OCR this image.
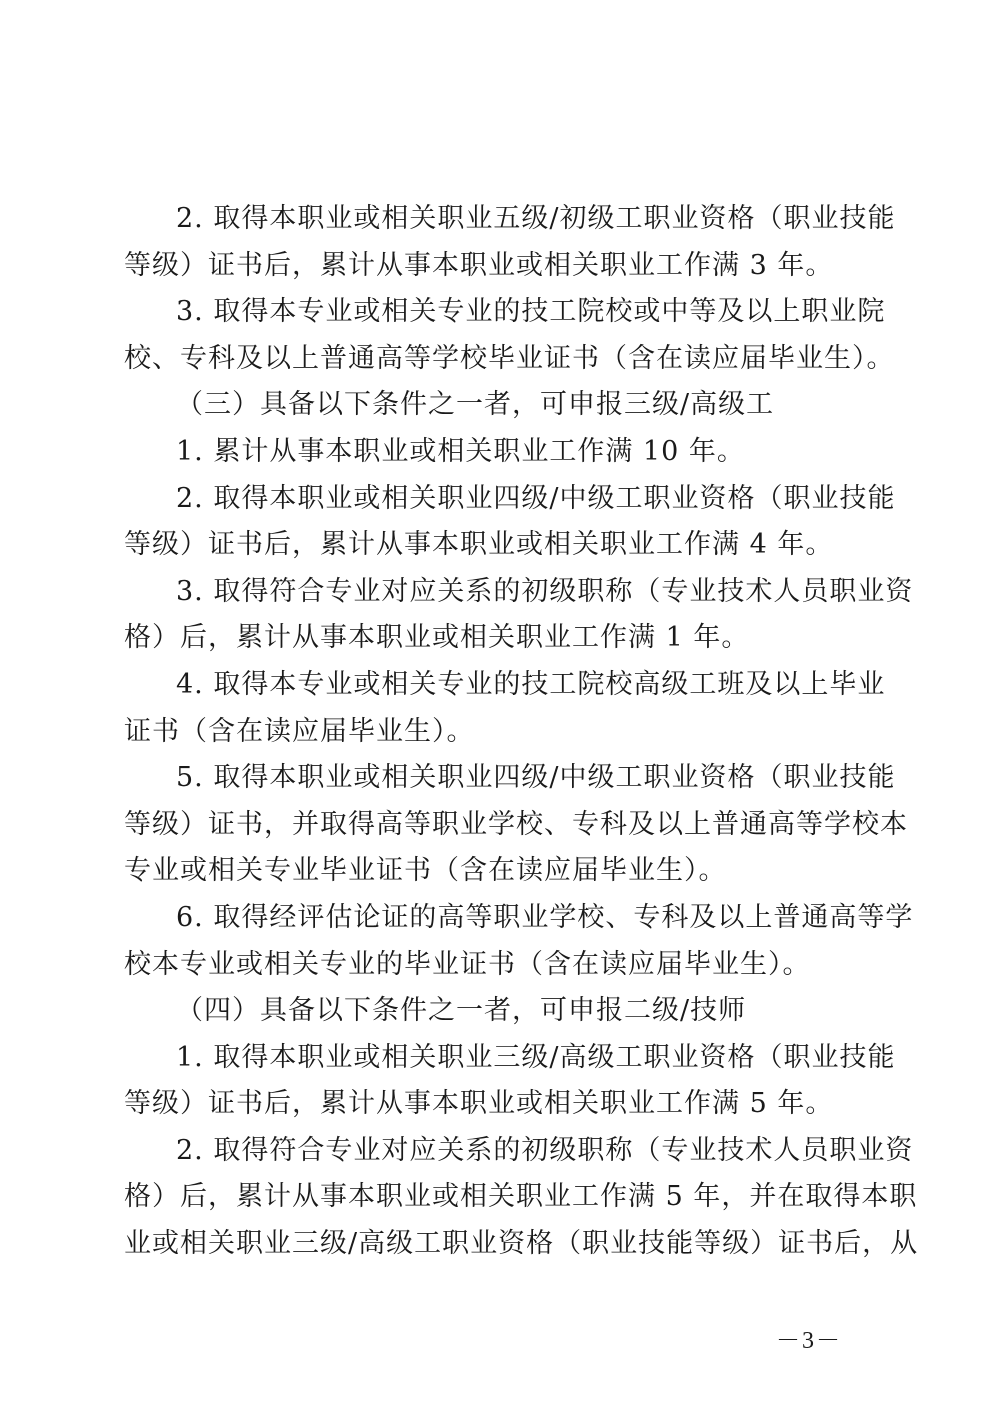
2. 取得本职业或相关职业五级/初级工职业资格（职业技能
等级）证书后，累计从事本职业或相关职业工作满 3 年。
3. 取得本专业或相关专业的技工院校或中等及以上职业院
校、专科及以上普通高等学校毕业证书（含在读应届毕业生）。
（三）具备以下条件之一者，可申报三级/高级工
1. 累计从事本职业或相关职业工作满 10 年。
2. 取得本职业或相关职业四级/中级工职业资格（职业技能
等级）证书后，累计从事本职业或相关职业工作满 4 年。
3. 取得符合专业对应关系的初级职称（专业技术人员职业资
格）后，累计从事本职业或相关职业工作满 1 年。
4. 取得本专业或相关专业的技工院校高级工班及以上毕业
证书（含在读应届毕业生）。
5. 取得本职业或相关职业四级/中级工职业资格（职业技能
等级）证书，并取得高等职业学校、专科及以上普通高等学校本
专业或相关专业毕业证书（含在读应届毕业生）。
6. 取得经评估论证的高等职业学校、专科及以上普通高等学
校本专业或相关专业的毕业证书（含在读应届毕业生）。
（四）具备以下条件之一者，可申报二级/技师
1. 取得本职业或相关职业三级/高级工职业资格（职业技能
等级）证书后，累计从事本职业或相关职业工作满 5 年。
2. 取得符合专业对应关系的初级职称（专业技术人员职业资
格）后，累计从事本职业或相关职业工作满 5 年，并在取得本职
业或相关职业三级/高级工职业资格（职业技能等级）证书后，从
－3－
